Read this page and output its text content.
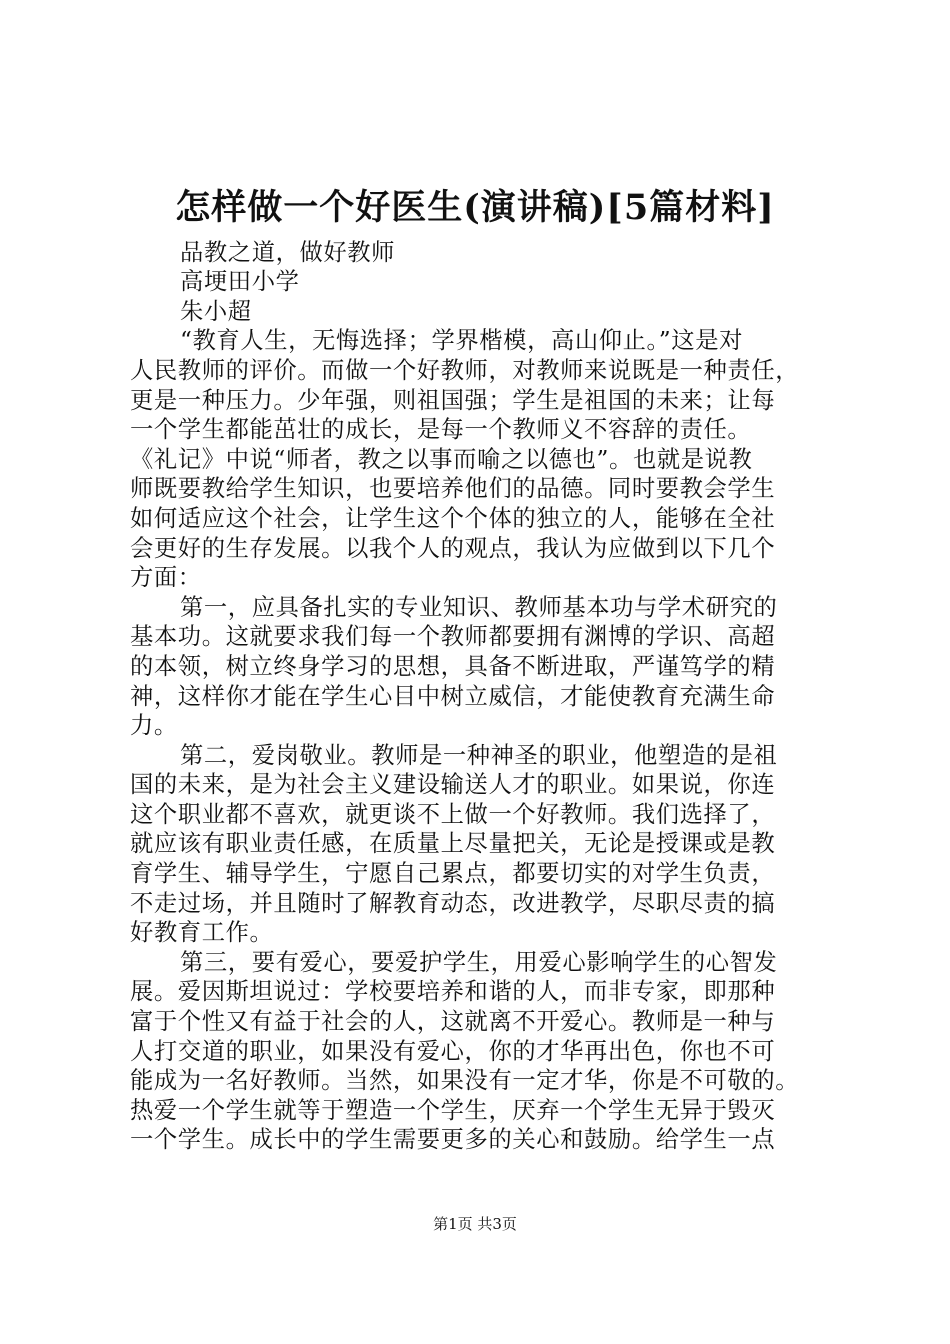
怎样做一个好医生(演讲稿)[5篇材料]
品教之道，做好教师
高埂田小学
朱小超
“教育人生，无悔选择；学界楷模，高山仰止。”这是对
人民教师的评价。而做一个好教师，对教师来说既是一种责任，
更是一种压力。少年强，则祖国强；学生是祖国的未来；让每
一个学生都能茁壮的成长，是每一个教师义不容辞的责任。
《礼记》中说“师者，教之以事而喻之以德也”。也就是说教
师既要教给学生知识，也要培养他们的品德。同时要教会学生
如何适应这个社会，让学生这个个体的独立的人，能够在全社
会更好的生存发展。以我个人的观点，我认为应做到以下几个
方面：
第一，应具备扎实的专业知识、教师基本功与学术研究的
基本功。这就要求我们每一个教师都要拥有渊博的学识、高超
的本领，树立终身学习的思想，具备不断进取，严谨笃学的精
神，这样你才能在学生心目中树立威信，才能使教育充满生命
力。
第二，爱岗敬业。教师是一种神圣的职业，他塑造的是祖
国的未来，是为社会主义建设输送人才的职业。如果说，你连
这个职业都不喜欢，就更谈不上做一个好教师。我们选择了，
就应该有职业责任感，在质量上尽量把关，无论是授课或是教
育学生、辅导学生，宁愿自己累点，都要切实的对学生负责，
不走过场，并且随时了解教育动态，改进教学，尽职尽责的搞
好教育工作。
第三，要有爱心，要爱护学生，用爱心影响学生的心智发
展。爱因斯坦说过：学校要培养和谐的人，而非专家，即那种
富于个性又有益于社会的人，这就离不开爱心。教师是一种与
人打交道的职业，如果没有爱心，你的才华再出色，你也不可
能成为一名好教师。当然，如果没有一定才华，你是不可敬的。
热爱一个学生就等于塑造一个学生，厌弃一个学生无异于毁灭
一个学生。成长中的学生需要更多的关心和鼓励。给学生一点
第1页 共3页
